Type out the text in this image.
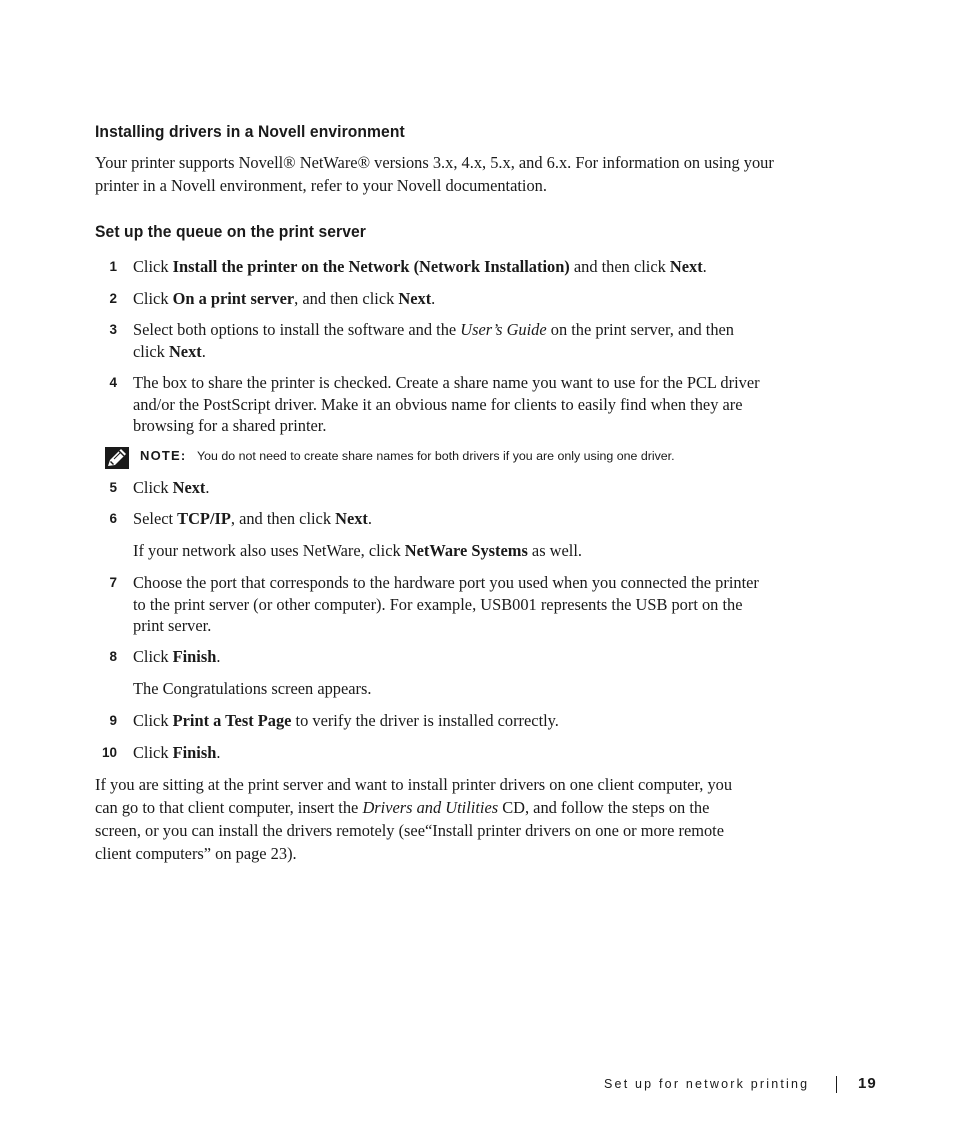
Installing drivers in a Novell environment

Your printer supports Novell® NetWare® versions 3.x, 4.x, 5.x, and 6.x. For information on using your printer in a Novell environment, refer to your Novell documentation.

Set up the queue on the print server
1 Click Install the printer on the Network (Network Installation) and then click Next.
2 Click On a print server, and then click Next.
3 Select both options to install the software and the User’s Guide on the print server, and then click Next.
4 The box to share the printer is checked. Create a share name you want to use for the PCL driver and/or the PostScript driver. Make it an obvious name for clients to easily find when they are browsing for a shared printer.
NOTE: You do not need to create share names for both drivers if you are only using one driver.
5 Click Next.
6 Select TCP/IP, and then click Next.
If your network also uses NetWare, click NetWare Systems as well.
7 Choose the port that corresponds to the hardware port you used when you connected the printer to the print server (or other computer). For example, USB001 represents the USB port on the print server.
8 Click Finish.
The Congratulations screen appears.
9 Click Print a Test Page to verify the driver is installed correctly.
10 Click Finish.

If you are sitting at the print server and want to install printer drivers on one client computer, you can go to that client computer, insert the Drivers and Utilities CD, and follow the steps on the screen, or you can install the drivers remotely (see“Install printer drivers on one or more remote client computers” on page 23).

Set up for network printing	19
